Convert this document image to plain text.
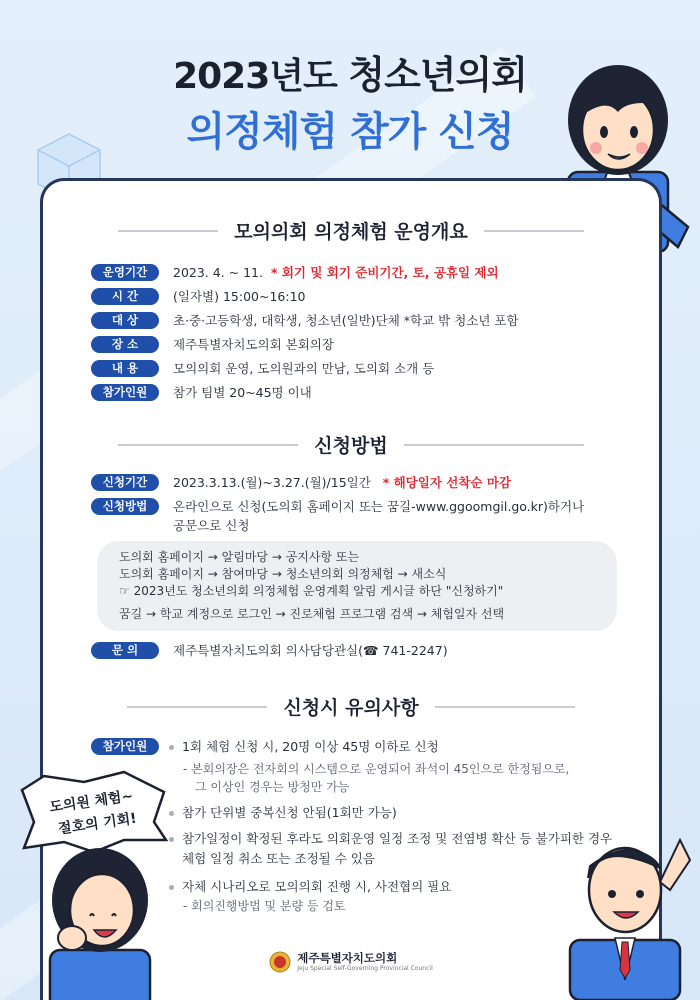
2023년도 청소년의회
의정체험 참가 신청
모의의회 의정체험 운영개요
운영기간	2023. 4. ~ 11. * 회기 및 회기 준비기간, 토, 공휴일 제외
시 간	(일자별) 15:00~16:10
대 상	초·중·고등학생, 대학생, 청소년(일반)단체 *학교 밖 청소년 포함
장 소	제주특별자치도의회 본회의장
내 용	모의의회 운영, 도의원과의 만남, 도의회 소개 등
참가인원	참가 팀별 20~45명 이내
신청방법
신청기간	2023.3.13.(월)~3.27.(월)/15일간 * 해당일자 선착순 마감
신청방법	온라인으로 신청(도의회 홈페이지 또는 꿈길-www.ggoomgil.go.kr)하거나
공문으로 신청
도의회 홈페이지 → 알림마당 → 공지사항 또는
도의회 홈페이지 → 참여마당 → 청소년의회 의정체험 → 새소식
☞ 2023년도 청소년의회 의정체험 운영계획 알림 게시글 하단 "신청하기"
꿈길 → 학교 계정으로 로그인 → 진로체험 프로그램 검색 → 체험일자 선택
문 의	제주특별자치도의회 의사담당관실(☎ 741-2247)
신청시 유의사항
참가인원	1회 체험 신청 시, 20명 이상 45명 이하로 신청
- 본회의장은 전자회의 시스템으로 운영되어 좌석이 45인으로 한정됨으로,
그 이상인 경우는 방청만 가능
참가 단위별 중복신청 안됨(1회만 가능)
참가일정이 확정된 후라도 의회운영 일정 조정 및 전염병 확산 등 불가피한 경우
체험 일정 취소 또는 조정될 수 있음
자체 시나리오로 모의의회 진행 시, 사전협의 필요
- 회의진행방법 및 분량 등 검토
제주특별자치도의회
Jeju Special Self-Governing Provincial Council
도의원 체험~
절호의 기회!
